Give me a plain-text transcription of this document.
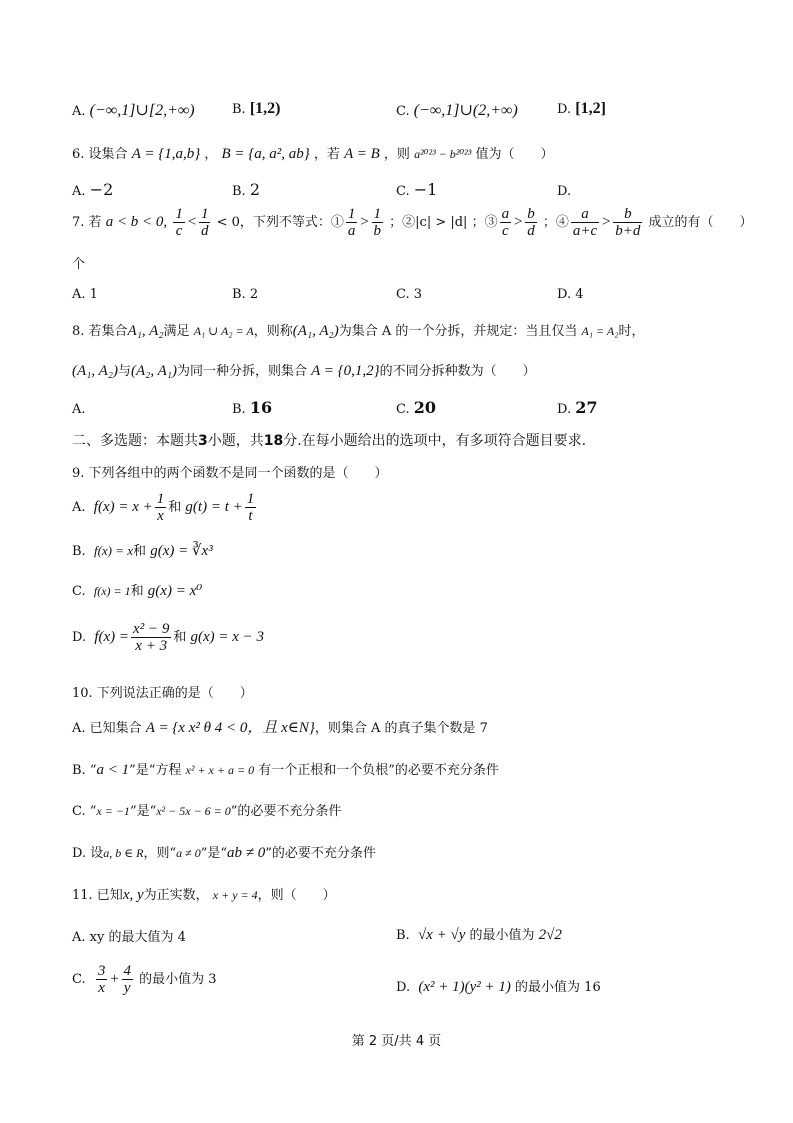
A. (−∞,1]∪[2,+∞)	B. [1,2)	C. (−∞,1]∪(2,+∞)	D. [1,2]
6. 设集合 A = {1,a,b} ， B = {a, a², ab} ，若 A = B ，则 a²⁰²³ − b²⁰²³ 值为（　　）
A. −2	B. 2	C. −1	D.
7. 若 a < b < 0, $\frac{1}{c} < \frac{1}{d} < 0$，下列不等式：① $\frac{1}{a} > \frac{1}{b}$ ；②|c| > |d| ；③ $\frac{a}{c} > \frac{b}{d}$ ；④ $\frac{a}{a+c} > \frac{b}{b+d}$ 成立的有（　　）
个
A. 1	B. 2	C. 3	D. 4
8. 若集合A₁, A₂满足 A₁ ∪ A₂ = A，则称(A₁, A₂)为集合 A 的一个分拆，并规定：当且仅当 A₁ = A₂时，
(A₁, A₂)与(A₂, A₁)为同一种分拆，则集合 A = {0,1,2}的不同分拆种数为（　　）
A.	B. 16	C. 20	D. 27
二、多选题：本题共3小题，共18分.在每小题给出的选项中，有多项符合题目要求.
9. 下列各组中的两个函数不是同一个函数的是（　　）
A. $f(x) = x + \frac{1}{x}$ 和 $g(t) = t + \frac{1}{t}$
B. f(x) = x和 g(x) = ∛x³
C. f(x) = 1和 g(x) = x⁰
D. $f(x) = \frac{\text{x² − 9}}{x + 3}$ 和 g(x) = x − 3
10. 下列说法正确的是（　　）
A. 已知集合 A = {x x² θ 4 < 0，且 x∈N}，则集合 A 的真子集个数是 7
B. “a < 1”是“方程 x² + x + a = 0 有一个正根和一个负根”的必要不充分条件
C. “x = −1”是“x² − 5x − 6 = 0”的必要不充分条件
D. 设a, b ∈ R，则“a ≠ 0”是“ab ≠ 0”的必要不充分条件
11. 已知x, y为正实数， x + y = 4，则（　　）
A. xy 的最大值为 4	B. √x + √y 的最小值为 2√2
C. $\frac{3}{x} + \frac{4}{y}$ 的最小值为 3
D. (x² + 1)(y² + 1) 的最小值为 16
第 2 页/共 4 页
